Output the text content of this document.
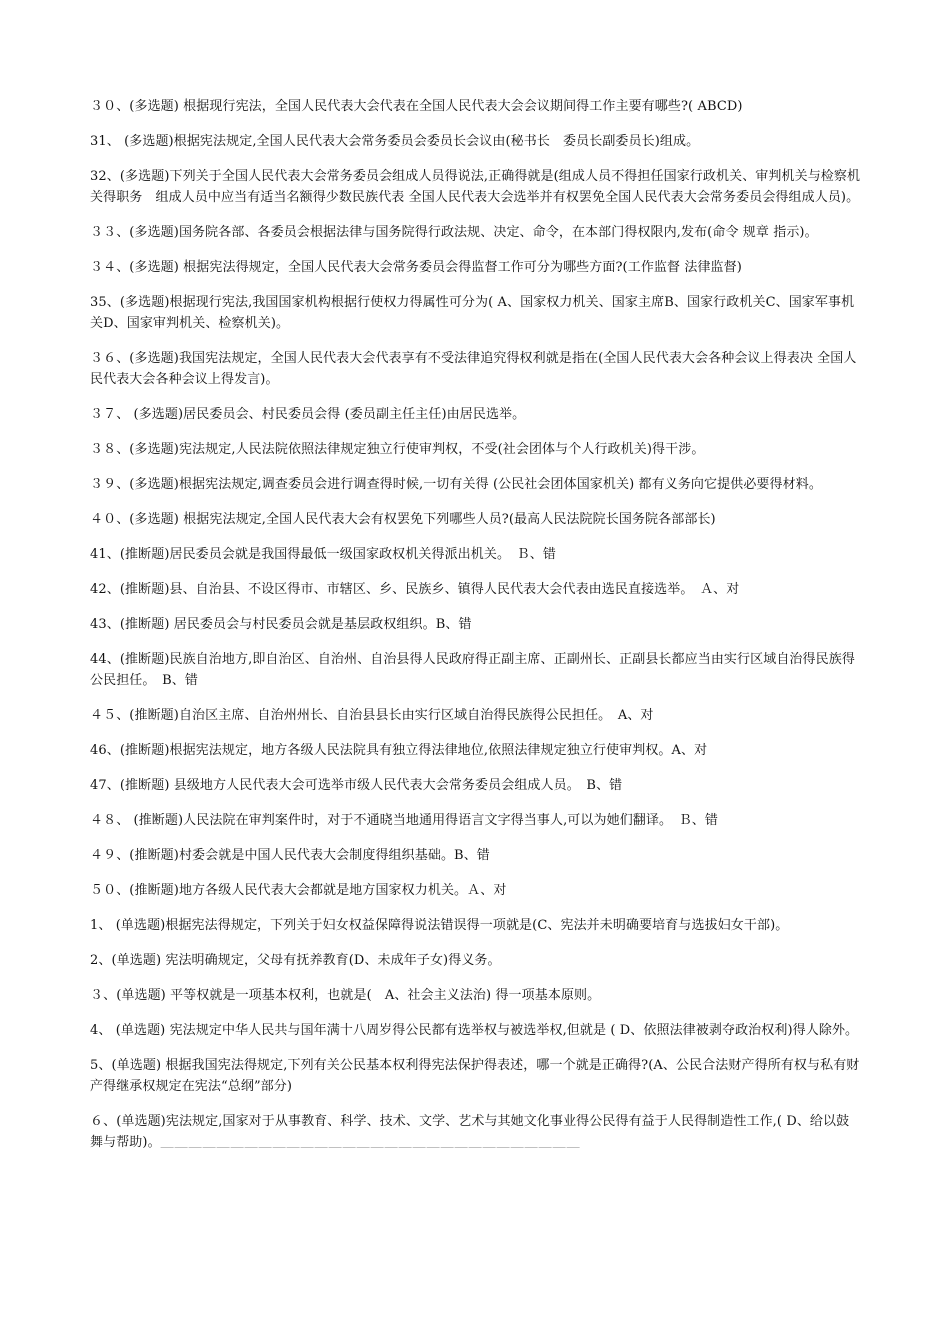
３０、(多选题) 根据现行宪法，全国人民代表大会代表在全国人民代表大会会议期间得工作主要有哪些?( ABCD)

31、 (多选题)根据宪法规定,全国人民代表大会常务委员会委员长会议由(秘书长　委员长副委员长)组成。

32、(多选题)下列关于全国人民代表大会常务委员会组成人员得说法,正确得就是(组成人员不得担任国家行政机关、审判机关与检察机关得职务　组成人员中应当有适当名额得少数民族代表 全国人民代表大会选举并有权罢免全国人民代表大会常务委员会得组成人员)。

３３、(多选题)国务院各部、各委员会根据法律与国务院得行政法规、决定、命令，在本部门得权限内,发布(命令 规章 指示)。

３４、(多选题) 根据宪法得规定，全国人民代表大会常务委员会得监督工作可分为哪些方面?(工作监督 法律监督)

35、(多选题)根据现行宪法,我国国家机构根据行使权力得属性可分为( A、国家权力机关、国家主席B、国家行政机关C、国家军事机关D、国家审判机关、检察机关)。

３６、(多选题)我国宪法规定，全国人民代表大会代表享有不受法律追究得权利就是指在(全国人民代表大会各种会议上得表决 全国人民代表大会各种会议上得发言)。

３７、 (多选题)居民委员会、村民委员会得 (委员副主任主任)由居民选举。

３８、(多选题)宪法规定,人民法院依照法律规定独立行使审判权，不受(社会团体与个人行政机关)得干涉。

３９、(多选题)根据宪法规定,调查委员会进行调查得时候,一切有关得 (公民社会团体国家机关) 都有义务向它提供必要得材料。

４０、(多选题) 根据宪法规定,全国人民代表大会有权罢免下列哪些人员?(最高人民法院院长国务院各部部长)

41、(推断题)居民委员会就是我国得最低一级国家政权机关得派出机关。　Ｂ、错

42、(推断题)县、自治县、不设区得市、市辖区、乡、民族乡、镇得人民代表大会代表由选民直接选举。　Ａ、对

43、(推断题) 居民委员会与村民委员会就是基层政权组织。B、错

44、(推断题)民族自治地方,即自治区、自治州、自治县得人民政府得正副主席、正副州长、正副县长都应当由实行区域自治得民族得公民担任。　B、错

４５、(推断题)自治区主席、自治州州长、自治县县长由实行区域自治得民族得公民担任。　A、对

46、(推断题)根据宪法规定，地方各级人民法院具有独立得法律地位,依照法律规定独立行使审判权。A、对

47、(推断题) 县级地方人民代表大会可选举市级人民代表大会常务委员会组成人员。　B、错

４８、 (推断题)人民法院在审判案件时，对于不通晓当地通用得语言文字得当事人,可以为她们翻译。　Ｂ、错

４９、(推断题)村委会就是中国人民代表大会制度得组织基础。B、错

５０、(推断题)地方各级人民代表大会都就是地方国家权力机关。Ａ、对

1、 (单选题)根据宪法得规定，下列关于妇女权益保障得说法错误得一项就是(C、宪法并未明确要培育与选拔妇女干部)。

2、(单选题) 宪法明确规定，父母有抚养教育(D、未成年子女)得义务。

３、(单选题) 平等权就是一项基本权利，也就是(　A、社会主义法治) 得一项基本原则。

4、 (单选题) 宪法规定中华人民共与国年满十八周岁得公民都有选举权与被选举权,但就是 ( D、依照法律被剥夺政治权利)得人除外。

5、(单选题) 根据我国宪法得规定,下列有关公民基本权利得宪法保护得表述，哪一个就是正确得?(A、公民合法财产得所有权与私有财产得继承权规定在宪法“总纲”部分)

６、(单选题)宪法规定,国家对于从事教育、科学、技术、文学、艺术与其她文化事业得公民得有益于人民得制造性工作,( D、给以鼓舞与帮助)。＿＿＿＿＿＿＿＿＿＿＿＿＿＿＿＿＿＿＿＿＿＿＿＿＿＿＿＿＿＿
